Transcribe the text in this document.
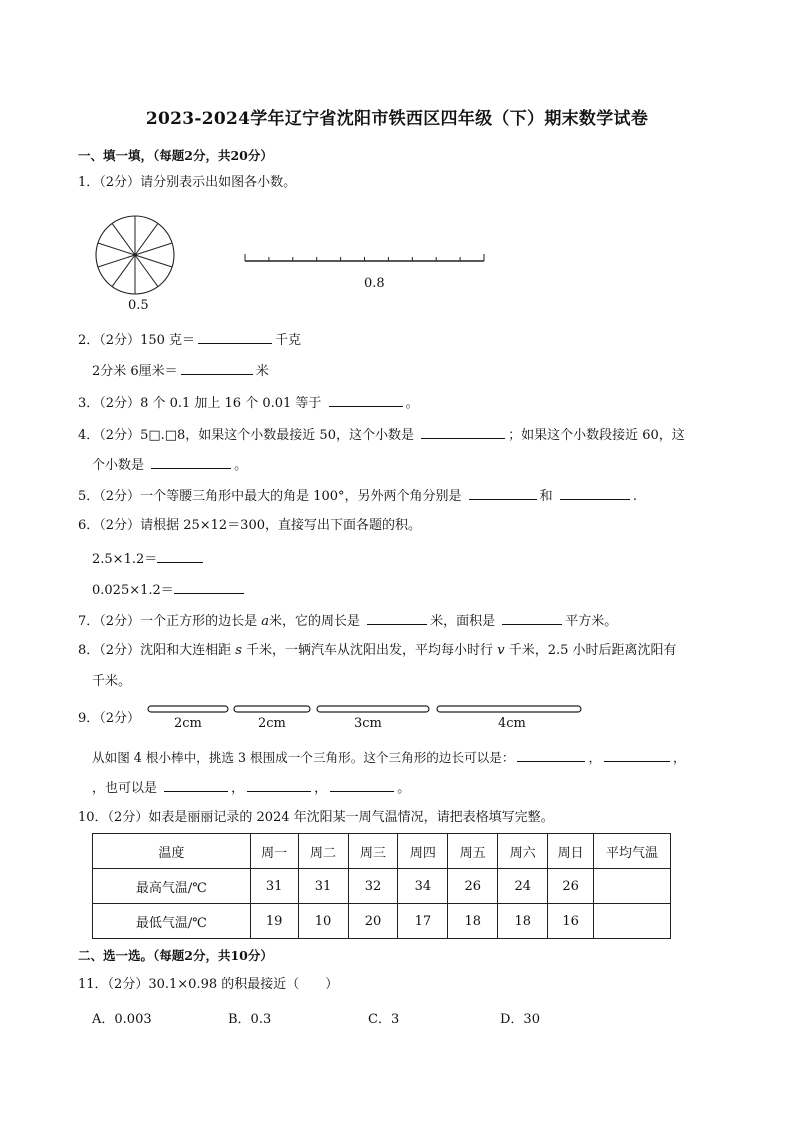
2023-2024学年辽宁省沈阳市铁西区四年级（下）期末数学试卷
一、填一填，（每题2分，共20分）
1．（2分）请分别表示出如图各小数。
0.5
0.8
2．（2分）150 克＝	千克
2分米 6厘米＝	米
3．（2分）8 个 0.1 加上 16 个 0.01 等于	。
4．（2分）5□.□8，如果这个小数最接近 50，这个小数是	；如果这个小数段接近 60，这
个小数是	。
5．（2分）一个等腰三角形中最大的角是 100°，另外两个角分别是	和	.
6．（2分）请根据 25×12＝300，直接写出下面各题的积。
2.5×1.2＝
0.025×1.2＝
7．（2分）一个正方形的边长是 a米，它的周长是	米，面积是	平方米。
8．（2分）沈阳和大连相距 s 千米，一辆汽车从沈阳出发，平均每小时行 v 千米，2.5 小时后距离沈阳有
千米。
9．（2分）	2cm	2cm	3cm	4cm
从如图 4 根小棒中，挑选 3 根围成一个三角形。这个三角形的边长可以是：	，	，
，也可以是	，	，	。
10．（2分）如表是丽丽记录的 2024 年沈阳某一周气温情况，请把表格填写完整。
温度	周一	周二	周三	周四	周五	周六	周日	平均气温
最高气温/℃	31	31	32	34	26	24	26	
最低气温/℃	19	10	20	17	18	18	16	
二、选一选。（每题2分，共10分）
11．（2分）30.1×0.98 的积最接近（　　）
A．0.003	B．0.3	C．3	D．30
